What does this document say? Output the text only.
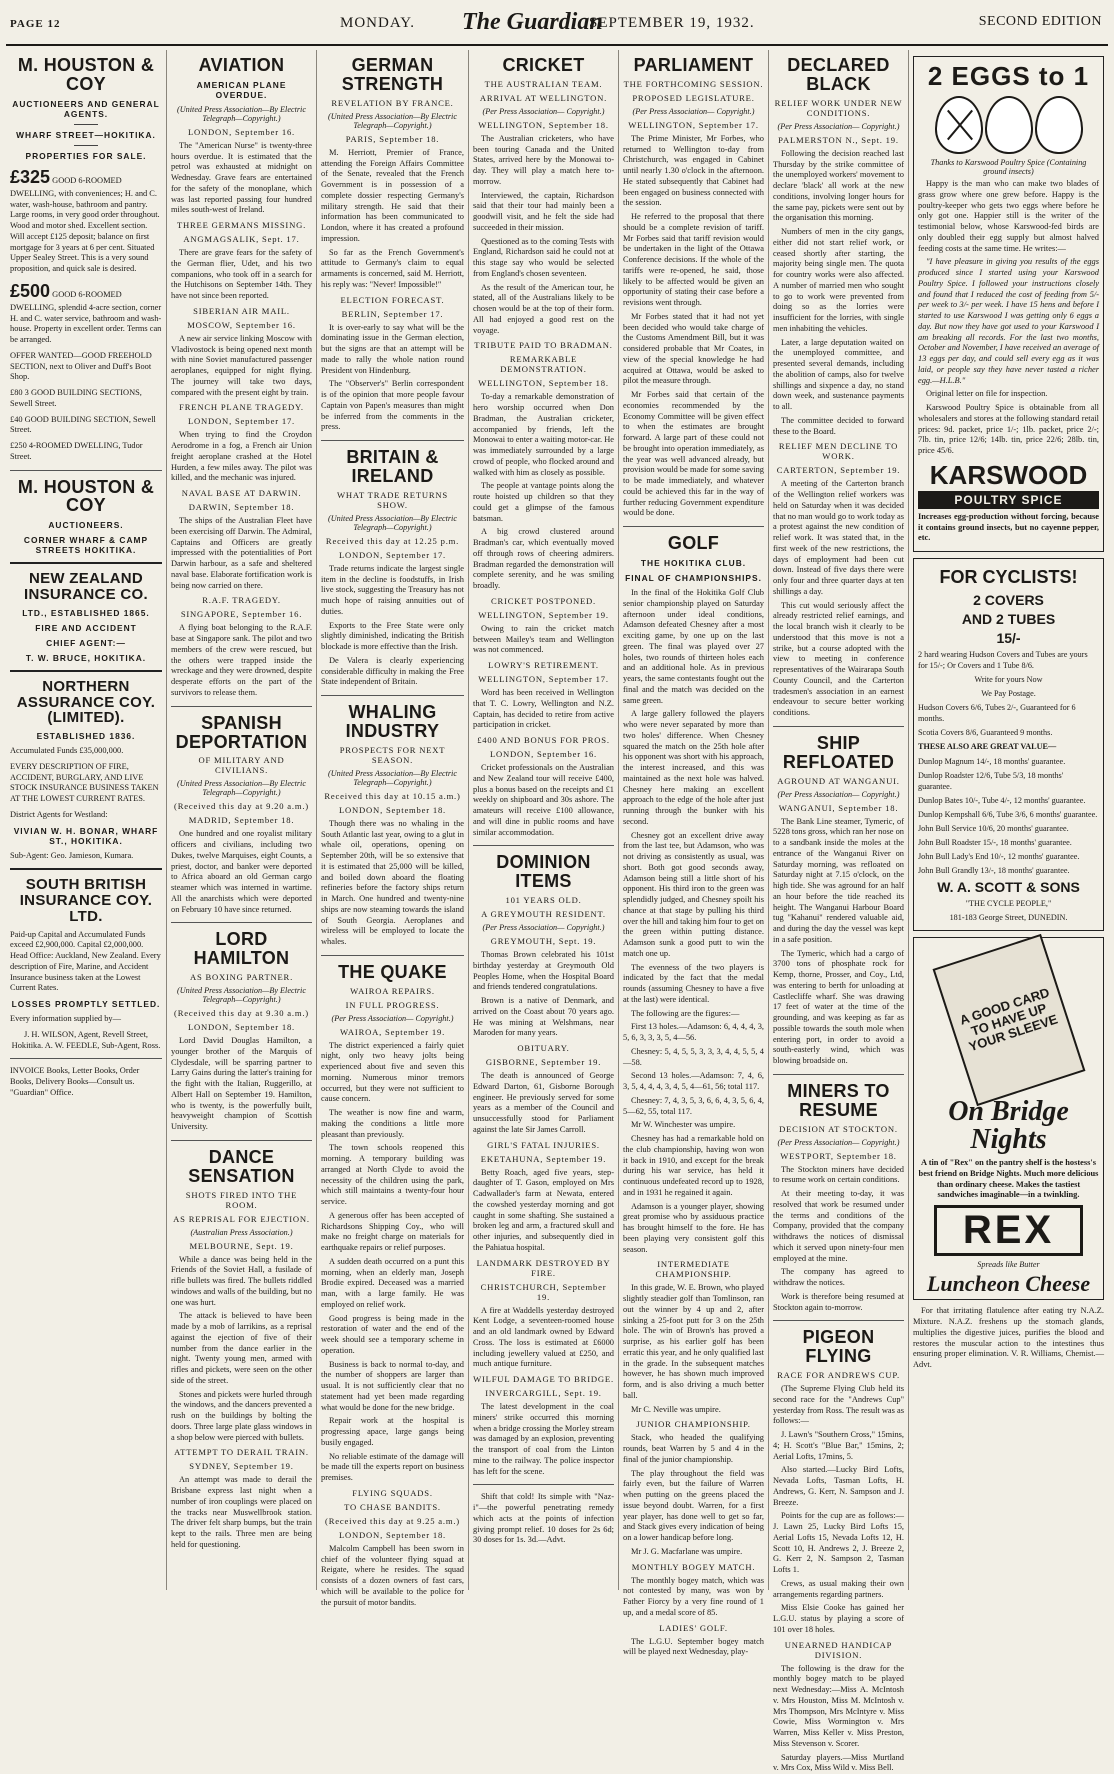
PAGE 12	MONDAY. The Guardian
SEPTEMBER 19, 1932.	SECOND EDITION
M. HOUSTON & COY
AUCTIONEERS AND GENERAL AGENTS.
WHARF STREET—HOKITIKA.
PROPERTIES FOR SALE.
£325 GOOD 6-ROOMED DWELLING, with conveniences; H. and C. water, wash-house, bathroom and pantry. Large rooms, in very good order throughout. Wood and motor shed. Excellent section. Will accept £125 deposit; balance on first mortgage for 3 years at 6 per cent. Situated Upper Sealey Street. This is a very sound proposition, and quick sale is desired.
£500 GOOD 6-ROOMED DWELLING, splendid 4-acre section, corner H. and C. water service, bathroom and wash-house. Property in excellent order. Terms can be arranged.
OFFER WANTED—GOOD FREEHOLD SECTION, next to Oliver and Duff's Boot Shop.
£80 3 GOOD BUILDING SECTIONS, Sewell Street.
£40 GOOD BUILDING SECTION, Sewell Street.
£250 4-ROOMED DWELLING, Tudor Street.
M. HOUSTON & COY
AUCTIONEERS.
CORNER WHARF & CAMP STREETS HOKITIKA.
NEW ZEALAND INSURANCE CO.
LTD., ESTABLISHED 1865.
FIRE AND ACCIDENT
CHIEF AGENT:—
T. W. BRUCE, HOKITIKA.
NORTHERN ASSURANCE COY. (LIMITED).
ESTABLISHED 1836.
Accumulated Funds £35,000,000.
EVERY DESCRIPTION OF FIRE, ACCIDENT, BURGLARY, AND LIVE STOCK INSURANCE BUSINESS TAKEN AT THE LOWEST CURRENT RATES.
District Agents for Westland:
VIVIAN W. H. BONAR, WHARF ST., HOKITIKA.
Sub-Agent: Geo. Jamieson, Kumara.
SOUTH BRITISH INSURANCE COY. LTD.
Paid-up Capital and Accumulated Funds exceed £2,900,000. Capital £2,000,000. Head Office: Auckland, New Zealand. Every description of Fire, Marine, and Accident Insurance business taken at the Lowest Current Rates.
LOSSES PROMPTLY SETTLED.
Every information supplied by—
J. H. WILSON, Agent, Revell Street, Hokitika. A. W. FEEDLE, Sub-Agent, Ross.
INVOICE Books, Letter Books, Order Books, Delivery Books—Consult us. "Guardian" Office.
AVIATION
AMERICAN PLANE OVERDUE.
(United Press Association—By Electric Telegraph—Copyright.)
LONDON, September 16.

The "American Nurse" is twenty-three hours overdue. It is estimated that the petrol was exhausted at midnight on Wednesday. Grave fears are entertained for the safety of the monoplane, which was last reported passing four hundred miles south-west of Ireland.

THREE GERMANS MISSING.
ANGMAGSALIK, Sept. 17.

There are grave fears for the safety of the German flier, Udet, and his two companions, who took off in a search for the Hutchisons on September 14th. They have not since been reported.

SIBERIAN AIR MAIL.
MOSCOW, September 16.

A new air service linking Moscow with Vladivostock is being opened next month with nine Soviet manufactured passenger aeroplanes, equipped for night flying. The journey will take two days, compared with the present eight by train.

FRENCH PLANE TRAGEDY.
LONDON, September 17.

When trying to find the Croydon Aerodrome in a fog, a French air Union freight aeroplane crashed at the Hotel Hurden, a few miles away. The pilot was killed, and the mechanic was injured.

NAVAL BASE AT DARWIN.
DARWIN, September 18.

The ships of the Australian Fleet have been exercising off Darwin. The Admiral, Captains and Officers are greatly impressed with the potentialities of Port Darwin harbour, as a safe and sheltered naval base. Elaborate fortification work is being now carried on there.

R.A.F. TRAGEDY.
SINGAPORE, September 16.

A flying boat belonging to the R.A.F. base at Singapore sank. The pilot and two members of the crew were rescued, but the others were trapped inside the wreckage and they were drowned, despite desperate efforts on the part of the survivors to release them.

SPANISH DEPORTATION
OF MILITARY AND CIVILIANS.
(United Press Association—By Electric Telegraph—Copyright.)
(Received this day at 9.20 a.m.)
MADRID, September 18.

One hundred and one royalist military officers and civilians, including two Dukes, twelve Marquises, eight Counts, a priest, doctor, and banker were deported to Africa aboard an old German cargo steamer which was interned in wartime. All the anarchists which were deported on February 10 have since returned.

LORD HAMILTON
AS BOXING PARTNER.
(United Press Association—By Electric Telegraph—Copyright.)
(Received this day at 9.30 a.m.)
LONDON, September 18.

Lord David Douglas Hamilton, a younger brother of the Marquis of Clydesdale, will be sparring partner to Larry Gains during the latter's training for the fight with the Italian, Ruggerillo, at Albert Hall on September 19. Hamilton, who is twenty, is the powerfully built, heavyweight champion of Scottish University.

DANCE SENSATION
SHOTS FIRED INTO THE ROOM.
AS REPRISAL FOR EJECTION.
(Australian Press Association.)
MELBOURNE, Sept. 19.

While a dance was being held in the Friends of the Soviet Hall, a fusilade of rifle bullets was fired. The bullets riddled windows and walls of the building, but no one was hurt.

The attack is believed to have been made by a mob of larrikins, as a reprisal against the ejection of five of their number from the dance earlier in the night. Twenty young men, armed with rifles and pickets, were seen on the other side of the street.

Stones and pickets were hurled through the windows, and the dancers prevented a rush on the buildings by bolting the doors. Three large plate glass windows in a shop below were pierced with bullets.

ATTEMPT TO DERAIL TRAIN.
SYDNEY, September 19.

An attempt was made to derail the Brisbane express last night when a number of iron couplings were placed on the tracks near Muswellbrook station. The driver felt sharp bumps, but the train kept to the rails. Three men are being held for questioning.

GERMAN STRENGTH
REVELATION BY FRANCE.
(United Press Association—By Electric Telegraph—Copyright.)
PARIS, September 18.

M. Herriott, Premier of France, attending the Foreign Affairs Committee of the Senate, revealed that the French Government is in possession of a complete dossier respecting Germany's military strength. He said that their information has been communicated to London, where it has created a profound impression.

So far as the French Government's attitude to Germany's claim to equal armaments is concerned, said M. Herriott, his reply was: "Never! Impossible!"

ELECTION FORECAST.
BERLIN, September 17.

It is over-early to say what will be the dominating issue in the German election, but the signs are that an attempt will be made to rally the whole nation round President von Hindenburg.

The "Observer's" Berlin correspondent is of the opinion that more people favour Captain von Papen's measures than might be inferred from the comments in the press.

BRITAIN & IRELAND
WHAT TRADE RETURNS SHOW.
(United Press Association—By Electric Telegraph—Copyright.)
Received this day at 12.25 p.m.
LONDON, September 17.

Trade returns indicate the largest single item in the decline is foodstuffs, in Irish live stock, suggesting the Treasury has not much hope of raising annuities out of duties.

Exports to the Free State were only slightly diminished, indicating the British blockade is more effective than the Irish.

De Valera is clearly experiencing considerable difficulty in making the Free State independent of Britain.

WHALING INDUSTRY
PROSPECTS FOR NEXT SEASON.
(United Press Association—By Electric Telegraph—Copyright.)
Received this day at 10.15 a.m.)
LONDON, September 18.

Though there was no whaling in the South Atlantic last year, owing to a glut in whale oil, operations, opening on September 20th, will be so extensive that it is estimated that 25,000 will be killed, and boiled down aboard the floating refineries before the factory ships return in March. One hundred and twenty-nine ships are now steaming towards the island of South Georgia. Aeroplanes and wireless will be employed to locate the whales.

THE QUAKE
WAIROA REPAIRS.
IN FULL PROGRESS.
(Per Press Association— Copyright.)
WAIROA, September 19.

The district experienced a fairly quiet night, only two heavy jolts being experienced about five and seven this morning. Numerous minor tremors occurred, but they were not sufficient to cause concern.

The weather is now fine and warm, making the conditions a little more pleasant than previously.

The town schools reopened this morning. A temporary building was arranged at North Clyde to avoid the necessity of the children using the park, which still maintains a twenty-four hour service.

A generous offer has been accepted of Richardsons Shipping Coy., who will make no freight charge on materials for earthquake repairs or relief purposes.

A sudden death occurred on a punt this morning, when an elderly man, Joseph Brodie expired. Deceased was a married man, with a large family. He was employed on relief work.

Good progress is being made in the restoration of water and the end of the week should see a temporary scheme in operation.

Business is back to normal to-day, and the number of shoppers are larger than usual. It is not sufficiently clear that no statement had yet been made regarding what would be done for the new bridge.

Repair work at the hospital is progressing apace, large gangs being busily engaged.

No reliable estimate of the damage will be made till the experts report on business premises.

FLYING SQUADS.
TO CHASE BANDITS.
(Received this day at 9.25 a.m.)
LONDON, September 18.

Malcolm Campbell has been sworn in chief of the volunteer flying squad at Reigate, where he resides. The squad consists of a dozen owners of fast cars, which will be available to the police for the pursuit of motor bandits.

CRICKET
THE AUSTRALIAN TEAM.
ARRIVAL AT WELLINGTON.
(Per Press Association— Copyright.)
WELLINGTON, September 18.

The Australian cricketers, who have been touring Canada and the United States, arrived here by the Monowai to-day. They will play a match here to-morrow.

Interviewed, the captain, Richardson said that their tour had mainly been a goodwill visit, and he felt the side had succeeded in their mission.

Questioned as to the coming Tests with England, Richardson said he could not at this stage say who would be selected from England's chosen seventeen.

As the result of the American tour, he stated, all of the Australians likely to be chosen would be at the top of their form. All had enjoyed a good rest on the voyage.

TRIBUTE PAID TO BRADMAN.
REMARKABLE DEMONSTRATION.
WELLINGTON, September 18.

To-day a remarkable demonstration of hero worship occurred when Don Bradman, the Australian cricketer, accompanied by friends, left the Monowai to enter a waiting motor-car. He was immediately surrounded by a large crowd of people, who flocked around and walked with him as closely as possible.

The people at vantage points along the route hoisted up children so that they could get a glimpse of the famous batsman.

A big crowd clustered around Bradman's car, which eventually moved off through rows of cheering admirers. Bradman regarded the demonstration will complete serenity, and he was smiling broadly.

CRICKET POSTPONED.
WELLINGTON, September 19.

Owing to rain the cricket match between Mailey's team and Wellington was not commenced.

LOWRY'S RETIREMENT.
WELLINGTON, September 17.

Word has been received in Wellington that T. C. Lowry, Wellington and N.Z. Captain, has decided to retire from active participation in cricket.

£400 AND BONUS FOR PROS.
LONDON, September 16.

Cricket professionals on the Australian and New Zealand tour will receive £400, plus a bonus based on the receipts and £1 weekly on shipboard and 30s ashore. The amateurs will receive £100 allowance, and will dine in public rooms and have similar accommodation.

DOMINION ITEMS
101 YEARS OLD.
A GREYMOUTH RESIDENT.
(Per Press Association— Copyright.)
GREYMOUTH, Sept. 19.

Thomas Brown celebrated his 101st birthday yesterday at Greymouth Old Peoples Home, when the Hospital Board and friends tendered congratulations.

Brown is a native of Denmark, and arrived on the Coast about 70 years ago. He was mining at Welshmans, near Maroden for many years.

OBITUARY.
GISBORNE, September 19.

The death is announced of George Edward Darton, 61, Gisborne Borough engineer. He previously served for some years as a member of the Council and unsuccessfully stood for Parliament against the late Sir James Carroll.

GIRL'S FATAL INJURIES.
EKETAHUNA, September 19.

Betty Roach, aged five years, step-daughter of T. Gason, employed on Mrs Cadwallader's farm at Newata, entered the cowshed yesterday morning and got caught in some shafting. She sustained a broken leg and arm, a fractured skull and other injuries, and subsequently died in the Pahiatua hospital.

LANDMARK DESTROYED BY FIRE.
CHRISTCHURCH, September 19.

A fire at Waddells yesterday destroyed Kent Lodge, a seventeen-roomed house and an old landmark owned by Edward Cross. The loss is estimated at £6000 including jewellery valued at £250, and much antique furniture.

WILFUL DAMAGE TO BRIDGE.
INVERCARGILL, Sept. 19.

The latest development in the coal miners' strike occurred this morning when a bridge crossing the Morley stream was damaged by an explosion, preventing the transport of coal from the Linton mine to the railway. The police inspector has left for the scene.

Shift that cold! Its simple with "Naz-i"—the powerful penetrating remedy which acts at the points of infection giving prompt relief. 10 doses for 2s 6d; 30 doses for 1s. 3d.—Advt.

PARLIAMENT
THE FORTHCOMING SESSION.
PROPOSED LEGISLATURE.
(Per Press Association— Copyright.)
WELLINGTON, September 17.

The Prime Minister, Mr Forbes, who returned to Wellington to-day from Christchurch, was engaged in Cabinet until nearly 1.30 o'clock in the afternoon. He stated subsequently that Cabinet had been engaged on business connected with the session.

He referred to the proposal that there should be a complete revision of tariff. Mr Forbes said that tariff revision would be undertaken in the light of the Ottawa Conference decisions. If the whole of the tariffs were re-opened, he said, those likely to be affected would be given an opportunity of stating their case before a revisions went through.

Mr Forbes stated that it had not yet been decided who would take charge of the Customs Amendment Bill, but it was considered probable that Mr Coates, in view of the special knowledge he had acquired at Ottawa, would be asked to pilot the measure through.

Mr Forbes said that certain of the economies recommended by the Economy Committee will be given effect to when the estimates are brought forward. A large part of these could not be brought into operation immediately, as the year was well advanced already, but provision would be made for some saving to be made immediately, and whatever could be achieved this far in the way of further reducing Government expenditure would be done.

GOLF
THE HOKITIKA CLUB.
FINAL OF CHAMPIONSHIPS.

In the final of the Hokitika Golf Club senior championship played on Saturday afternoon under ideal conditions, Adamson defeated Chesney after a most exciting game, by one up on the last green. The final was played over 27 holes, two rounds of thirteen holes each and an additional hole. As in previous years, the same contestants fought out the final and the match was decided on the same green.

A large gallery followed the players who were never separated by more than two holes' difference. When Chesney squared the match on the 25th hole after his opponent was short with his approach, the interest increased, and this was maintained as the next hole was halved. Chesney here making an excellent approach to the edge of the hole after just running through the bunker with his second.

Chesney got an excellent drive away from the last tee, but Adamson, who was not driving as consistently as usual, was short. Both got good seconds away, Adamson being still a little short of his opponent. His third iron to the green was splendidly judged, and Chesney spoilt his chance at that stage by pulling his third over the hill and taking him four to get on the green within putting distance. Adamson sunk a good putt to win the match one up.

The evenness of the two players is indicated by the fact that the medal rounds (assuming Chesney to have a five at the last) were identical.

The following are the figures:—

First 13 holes.—Adamson: 6, 4, 4, 4, 3, 5, 6, 3, 3, 3, 5, 4—56.

Chesney: 5, 4, 5, 5, 3, 3, 3, 4, 4, 5, 5, 4—58.

Second 13 holes.—Adamson: 7, 4, 6, 3, 5, 4, 4, 4, 3, 4, 5, 4—61, 56; total 117.

Chesney: 7, 4, 3, 5, 3, 6, 6, 4, 3, 5, 6, 4, 5—62, 55, total 117.

Mr W. Winchester was umpire.

Chesney has had a remarkable hold on the club championship, having won won it back in 1910, and except for the break during his war service, has held it continuous undefeated record up to 1928, and in 1931 he regained it again.

Adamson is a younger player, showing great promise who by assiduous practice has brought himself to the fore. He has been playing very consistent golf this season.

INTERMEDIATE CHAMPIONSHIP.

In this grade, W. E. Brown, who played slightly steadier golf than Tomlinson, ran out the winner by 4 up and 2, after sinking a 25-foot putt for 3 on the 25th hole. The win of Brown's has proved a surprise, as his earlier golf has been erratic this year, and he only qualified last in the grade. In the subsequent matches however, he has shown much improved form, and is also driving a much better ball.

Mr C. Neville was umpire.

JUNIOR CHAMPIONSHIP.

Stack, who headed the qualifying rounds, beat Warren by 5 and 4 in the final of the junior championship.

The play throughout the field was fairly even, but the failure of Warren when putting on the greens placed the issue beyond doubt. Warren, for a first year player, has done well to get so far, and Stack gives every indication of being on a lower handicap before long.

Mr J. G. Macfarlane was umpire.

MONTHLY BOGEY MATCH.

The monthly bogey match, which was not contested by many, was won by Father Fiorcy by a very fine round of 1 up, and a medal score of 85.

LADIES' GOLF.

The L.G.U. September bogey match will be played next Wednesday, play-

DECLARED BLACK
RELIEF WORK UNDER NEW CONDITIONS.
(Per Press Association— Copyright.)
PALMERSTON N., Sept. 19.

Following the decision reached last Thursday by the strike committee of the unemployed workers' movement to declare 'black' all work at the new conditions, involving longer hours for the same pay, pickets were sent out by the organisation this morning.

Numbers of men in the city gangs, either did not start relief work, or ceased shortly after starting, the majority being single men. The quota for country works were also affected. A number of married men who sought to go to work were prevented from doing so as the lorries were insufficient for the lorries, with single men inhabiting the vehicles.

Later, a large deputation waited on the unemployed committee, and presented several demands, including the abolition of camps, also for twelve shillings and sixpence a day, no stand down week, and sustenance payments to all.

The committee decided to forward these to the Board.

RELIEF MEN DECLINE TO WORK.
CARTERTON, September 19.

A meeting of the Carterton branch of the Wellington relief workers was held on Saturday when it was decided that no man would go to work today as a protest against the new condition of relief work. It was stated that, in the first week of the new restrictions, the days of employment had been cut down. Instead of five days there were only four and three quarter days at ten shillings a day.

This cut would seriously affect the already restricted relief earnings, and the local branch wish it clearly to be understood that this move is not a strike, but a course adopted with the view to meeting in conference representatives of the Wairarapa South County Council, and the Carterton tradesmen's association in an earnest endeavour to secure better working conditions.

SHIP REFLOATED
AGROUND AT WANGANUI.
(Per Press Association— Copyright.)
WANGANUI, September 18.

The Bank Line steamer, Tymeric, of 5228 tons gross, which ran her nose on to a sandbank inside the moles at the entrance of the Wanganui River on Saturday morning, was refloated on Saturday night at 7.15 o'clock, on the high tide. She was aground for an half an hour before the tide reached its height. The Wanganui Harbour Board tug "Kahanui" rendered valuable aid, and during the day the vessel was kept in a safe position.

The Tymeric, which had a cargo of 3700 tons of phosphate rock for Kemp, thorne, Prosser, and Coy., Ltd, was entering to berth for unloading at Castlecliffe wharf. She was drawing 17 feet of water at the time of the grounding, and was keeping as far as possible towards the south mole when entering port, in order to avoid a south-easterly wind, which was blowing broadside on.

MINERS TO RESUME
DECISION AT STOCKTON.
(Per Press Association— Copyright.)
WESTPORT, September 18.

The Stockton miners have decided to resume work on certain conditions.

At their meeting to-day, it was resolved that work be resumed under the terms and conditions of the Company, provided that the company withdraws the notices of dismissal which it served upon ninety-four men employed at the mine.

The company has agreed to withdraw the notices.

Work is therefore being resumed at Stockton again to-morrow.

PIGEON FLYING
RACE FOR ANDREWS CUP.

(The Supreme Flying Club held its second race for the "Andrews Cup" yesterday from Ross. The result was as follows:—

J. Lawn's "Southern Cross," 15mins, 4; H. Scott's "Blue Bar," 15mins, 2; Aerial Lofts, 17mins, 5.

Also started.—Lucky Bird Lofts, Nevada Lofts, Tasman Lofts, H. Andrews, G. Kerr, N. Sampson and J. Breeze.

Points for the cup are as follows:—J. Lawn 25, Lucky Bird Lofts 15, Aerial Lofts 15, Nevada Lofts 12, H. Scott 10, H. Andrews 2, J. Breeze 2, G. Kerr 2, N. Sampson 2, Tasman Lofts 1.

Crews, as usual making their own arrangements regarding partners.

Miss Elsie Cooke has gained her L.G.U. status by playing a score of 101 over 18 holes.

UNEARNED HANDICAP DIVISION.

The following is the draw for the monthly bogey match to be played next Wednesday:—Miss A. McIntosh v. Mrs Houston, Miss M. McIntosh v. Mrs Thompson, Mrs McIntyre v. Miss Cowie, Miss Wormington v. Mrs Warren, Miss Keller v. Miss Preston, Miss Stevenson v. Scorer.

Saturday players.—Miss Murtland v. Mrs Cox, Miss Wild v. Miss Bell.

2 EGGS to 1
Thanks to Karswood Poultry Spice (Containing ground insects)

Happy is the man who can make two blades of grass grow where one grew before. Happy is the poultry-keeper who gets two eggs where before he only got one. Happier still is the writer of the testimonial below, whose Karswood-fed birds are only doubled their egg supply but almost halved feeding costs at the same time. He writes:—

"I have pleasure in giving you results of the eggs produced since I started using your Karswood Poultry Spice. I followed your instructions closely and found that I reduced the cost of feeding from 5/- per week to 3/- per week. I have 15 hens and before I started to use Karswood I was getting only 6 eggs a day. But now they have got used to your Karswood I am breaking all records. For the last two months, October and November, I have received an average of 13 eggs per day, and could sell every egg as it was laid, or people say they have never tasted a richer egg.—H.L.B."

Original letter on file for inspection.

Karswood Poultry Spice is obtainable from all wholesalers and stores at the following standard retail prices: 9d. packet, price 1/-; 1lb. packet, price 2/-; 7lb. tin, price 12/6; 14lb. tin, price 22/6; 28lb. tin, price 45/6.

KARSWOOD
POULTRY SPICE

Increases egg-production without forcing, because it contains ground insects, but no cayenne pepper, etc.

FOR CYCLISTS!
2 COVERS
AND 2 TUBES
15/-
2 hard wearing Hudson Covers and Tubes are yours for 15/-; Or Covers and 1 Tube 8/6.
Write for yours Now
We Pay Postage.
Hudson Covers 6/6, Tubes 2/-, Guaranteed for 6 months.
Scotia Covers 8/6, Guaranteed 9 months.
THESE ALSO ARE GREAT VALUE—
Dunlop Magnum 14/-, 18 months' guarantee.
Dunlop Roadster 12/6, Tube 5/3, 18 months' guarantee.
Dunlop Bates 10/-, Tube 4/-, 12 months' guarantee.
Dunlop Kempshall 6/6, Tube 3/6, 6 months' guarantee.
John Bull Service 10/6, 20 months' guarantee.
John Bull Roadster 15/-, 18 months' guarantee.
John Bull Lady's End 10/-, 12 months' guarantee.
John Bull Grandly 13/-, 18 months' guarantee.
W. A. SCOTT & SONS
"THE CYCLE PEOPLE,"
181-183 George Street, DUNEDIN.
A GOOD CARD TO HAVE UP YOUR SLEEVE
On Bridge Nights

A tin of "Rex" on the pantry shelf is the hostess's best friend on Bridge Nights. Much more delicious than ordinary cheese. Makes the tastiest sandwiches imaginable—in a twinkling.

REX
Spreads like Butter
Luncheon Cheese

For that irritating flatulence after eating try N.A.Z. Mixture. N.A.Z. freshens up the stomach glands, multiplies the digestive juices, purifies the blood and restores the muscular action to the intestines thus ensuring proper elimination. V. R. Williams, Chemist.—Advt.
